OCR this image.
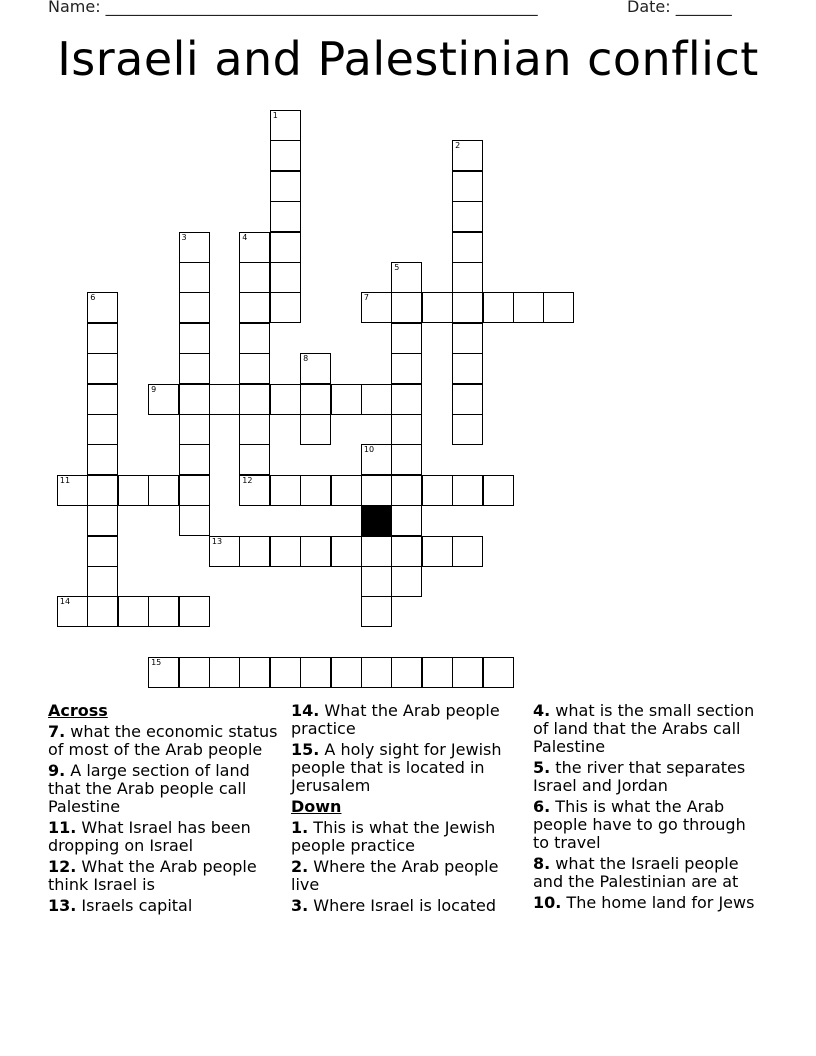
Name: ______________________________________________________	Date: _______
Israeli and Palestinian conflict
1
2
3	4
5
6	7
8
9
10
11	12
13
14
15
Across
7. what the economic status of most of the Arab people
9. A large section of land that the Arab people call Palestine
11. What Israel has been dropping on Israel
12. What the Arab people think Israel is
13. Israels capital
14. What the Arab people practice
15. A holy sight for Jewish people that is located in Jerusalem
Down
1. This is what the Jewish people practice
2. Where the Arab people live
3. Where Israel is located
4. what is the small section of land that the Arabs call Palestine
5. the river that separates Israel and Jordan
6. This is what the Arab people have to go through to travel
8. what the Israeli people and the Palestinian are at
10. The home land for Jews
